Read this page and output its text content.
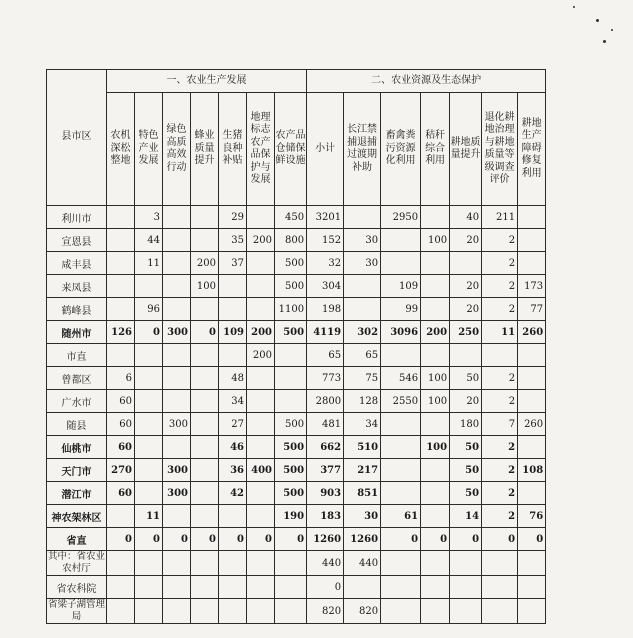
县市区	一、农业生产发展							二、农业资源及生态保护						
	农机深松整地	特色产业发展	绿色高质高效行动	蜂业质量提升	生猪良种补贴	地理标志农产品保护与发展	农产品仓储保鲜设施	小计	长江禁捕退捕过渡期补助	畜禽粪污资源化利用	秸秆综合利用	耕地质量提升	退化耕地治理与耕地质量等级调查评价	耕地生产障碍修复利用
利川市		3			29		450	3201		2950		40	211	
宣恩县		44			35	200	800	152	30		100	20	2	
咸丰县		11		200	37		500	32	30				2	
来凤县				100			500	304		109		20	2	173
鹤峰县		96					1100	198		99		20	2	77
随州市	126	0	300	0	109	200	500	4119	302	3096	200	250	11	260
市直						200		65	65					
曾都区	6				48			773	75	546	100	50	2	
广水市	60				34			2800	128	2550	100	20	2	
随县	60		300		27		500	481	34			180	7	260
仙桃市	60				46		500	662	510		100	50	2	
天门市	270		300		36	400	500	377	217			50	2	108
潜江市	60		300		42		500	903	851			50	2	
神农架林区		11					190	183	30	61		14	2	76
省直	0	0	0	0	0	0	0	1260	1260	0	0	0	0	0
其中：省农业农村厅								440	440					
省农科院								0						
省梁子湖管理局								820	820					
